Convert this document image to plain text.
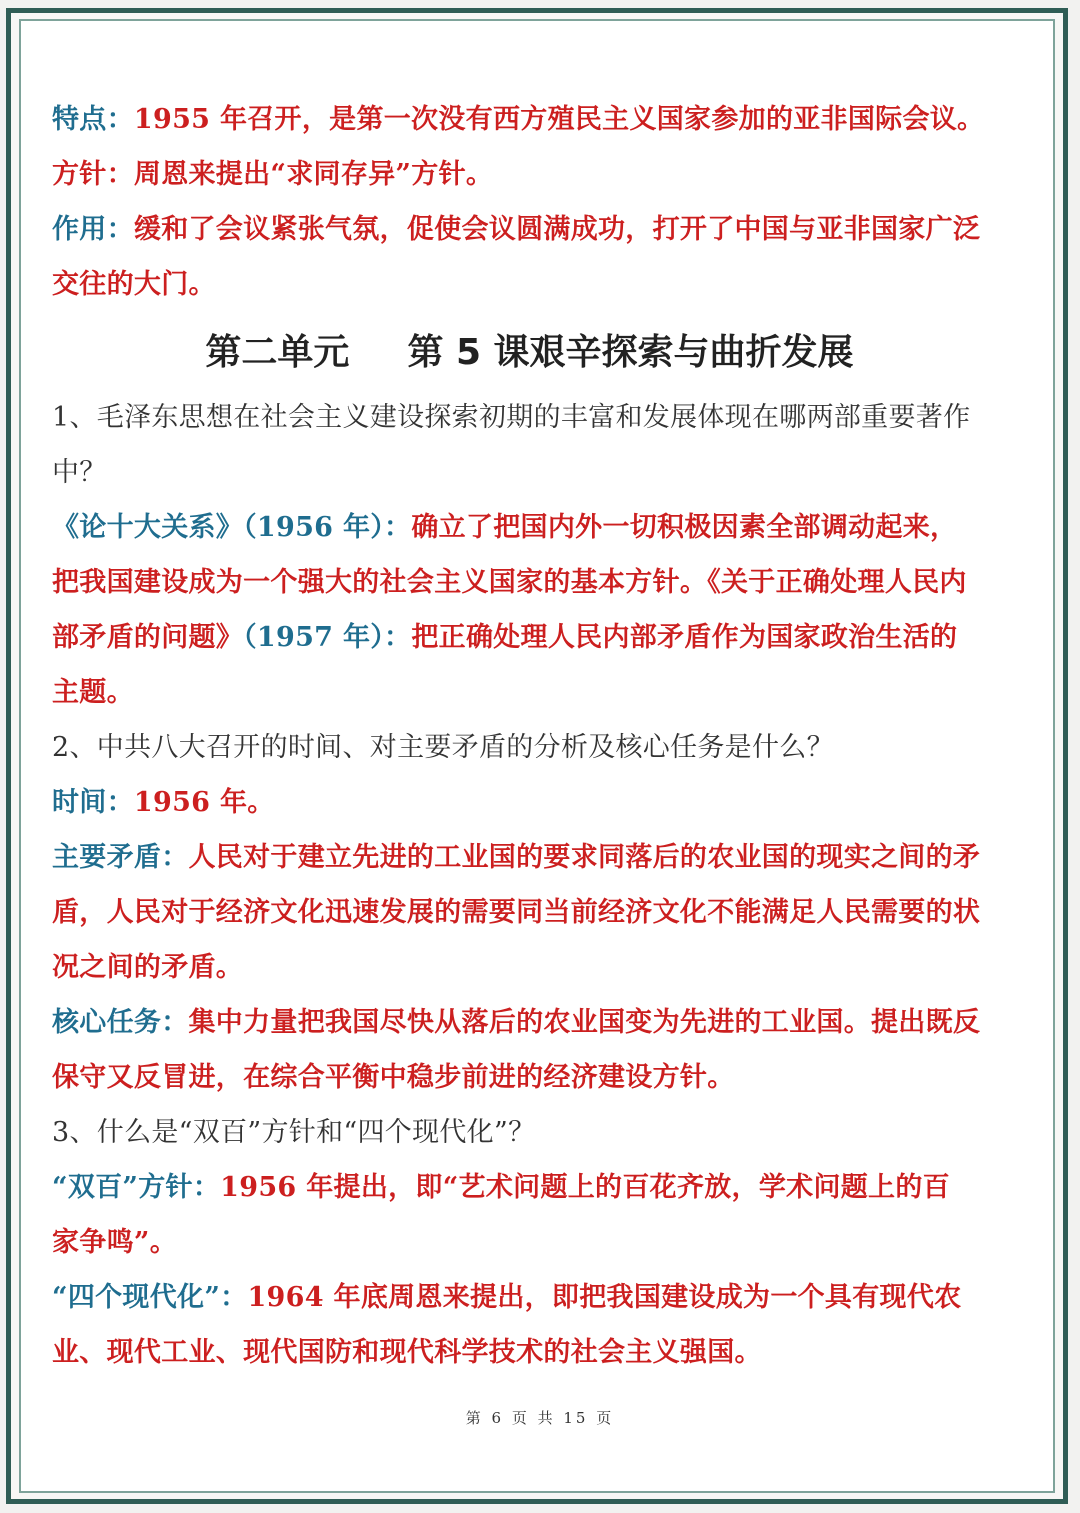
特点：1955 年召开，是第一次没有西方殖民主义国家参加的亚非国际会议。
方针：周恩来提出“求同存异”方针。
作用：缓和了会议紧张气氛，促使会议圆满成功，打开了中国与亚非国家广泛
交往的大门。
第二单元 第 5 课艰辛探索与曲折发展
1、毛泽东思想在社会主义建设探索初期的丰富和发展体现在哪两部重要著作
中？
《论十大关系》（1956 年）：确立了把国内外一切积极因素全部调动起来，
把我国建设成为一个强大的社会主义国家的基本方针。《关于正确处理人民内
部矛盾的问题》（1957 年）：把正确处理人民内部矛盾作为国家政治生活的
主题。
2、中共八大召开的时间、对主要矛盾的分析及核心任务是什么？
时间：1956 年。
主要矛盾：人民对于建立先进的工业国的要求同落后的农业国的现实之间的矛
盾，人民对于经济文化迅速发展的需要同当前经济文化不能满足人民需要的状
况之间的矛盾。
核心任务：集中力量把我国尽快从落后的农业国变为先进的工业国。提出既反
保守又反冒进，在综合平衡中稳步前进的经济建设方针。
3、什么是“双百”方针和“四个现代化”？
“双百”方针：1956 年提出，即“艺术问题上的百花齐放，学术问题上的百
家争鸣”。
“四个现代化”：1964 年底周恩来提出，即把我国建设成为一个具有现代农
业、现代工业、现代国防和现代科学技术的社会主义强国。
第 6 页 共 15 页
